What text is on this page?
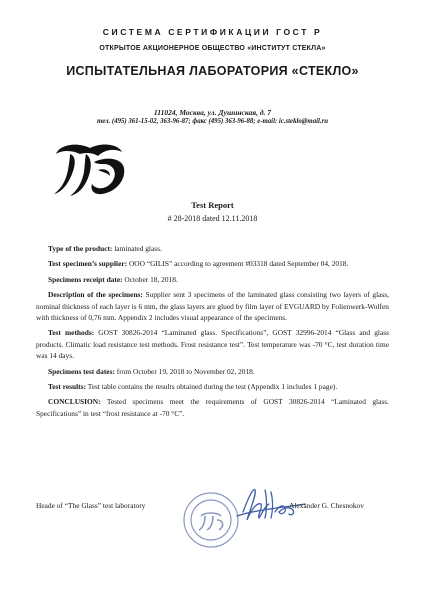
СИСТЕМА СЕРТИФИКАЦИИ ГОСТ Р
ОТКРЫТОЕ АКЦИОНЕРНОЕ ОБЩЕСТВО «ИНСТИТУТ СТЕКЛА»
ИСПЫТАТЕЛЬНАЯ ЛАБОРАТОРИЯ «СТЕКЛО»
111024, Москва, ул. Душинская, д. 7
тел. (495) 361-15-02, 363-96-87; факс (495) 363-96-88; e-mail: ic.steklo@mail.ru
Test Report
# 28-2018 dated 12.11.2018

Type of the product: laminated glass.

Test specimen’s supplier: OOO “GILIS” according to agreement #03318 dated September 04, 2018.

Specimens receipt date: October 18, 2018.

Description of the specimens: Supplier sent 3 specimens of the laminated glass consisting two layers of glass, nominal thickness of each layer is 6 mm, the glass layers are glued by film layer of EVGUARD by Folienwerk-Wolfen with thickness of 0,76 mm. Appendix 2 includes visual appearance of the specimens.

Test methods: GOST 30826-2014 “Laminated glass. Specifications”, GOST 32996-2014 “Glass and glass products. Climatic load resistance test methods. Frost resistance test”. Test temperature was -70 °C, test duration time was 14 days.

Specimens test dates: from October 19, 2018 to November 02, 2018.

Test results: Test table contains the results obtained during the test (Appendix 1 includes 1 page).

CONCLUSION: Tested specimens meet the requirements of GOST 30826-2014 “Laminated glass. Specifications” in test “frost resistance at -70 °C”.

Heade of “The Glass” test laboratory	Alexander G. Chesnokov
